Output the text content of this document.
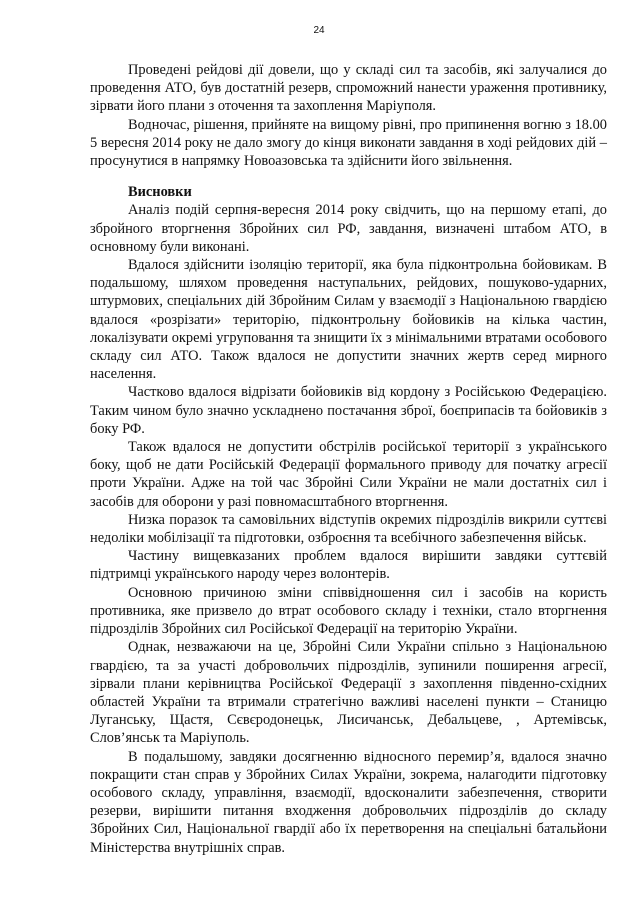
24

Проведені рейдові дії довели, що у складі сил та засобів, які залучалися до проведення АТО, був достатній резерв, спроможний нанести ураження противнику, зірвати його плани з оточення та захоплення Маріуполя.

Водночас, рішення, прийняте на вищому рівні, про припинення вогню з 18.00 5 вересня 2014 року не дало змогу до кінця виконати завдання в ході рейдових дій – просунутися в напрямку Новоазовська та здійснити його звільнення.

Висновки

Аналіз подій серпня-вересня 2014 року свідчить, що на першому етапі, до збройного вторгнення Збройних сил РФ, завдання, визначені штабом АТО, в основному були виконані.

Вдалося здійснити ізоляцію території, яка була підконтрольна бойовикам. В подальшому, шляхом проведення наступальних, рейдових, пошуково-ударних, штурмових, спеціальних дій Збройним Силам у взаємодії з Національною гвардією вдалося «розрізати» територію, підконтрольну бойовиків на кілька частин, локалізувати окремі угруповання та знищити їх з мінімальними втратами особового складу сил АТО. Також вдалося не допустити значних жертв серед мирного населення.

Частково вдалося відрізати бойовиків від кордону з Російською Федерацією. Таким чином було значно ускладнено постачання зброї, боєприпасів та бойовиків з боку РФ.

Також вдалося не допустити обстрілів російської території з українського боку, щоб не дати Російській Федерації формального приводу для початку агресії проти України. Адже на той час Збройні Сили України не мали достатніх сил і засобів для оборони у разі повномасштабного вторгнення.

Низка поразок та самовільних відступів окремих підрозділів викрили суттєві недоліки мобілізації та підготовки, озброєння та всебічного забезпечення військ.

Частину вищевказаних проблем вдалося вирішити завдяки суттєвій підтримці українського народу через волонтерів.

Основною причиною зміни співвідношення сил і засобів на користь противника, яке призвело до втрат особового складу і техніки, стало вторгнення підрозділів Збройних сил Російської Федерації на територію України.

Однак, незважаючи на це, Збройні Сили України спільно з Національною гвардією, та за участі добровольчих підрозділів, зупинили поширення агресії, зірвали плани керівництва Російської Федерації з захоплення південно-східних областей України та втримали стратегічно важливі населені пункти – Станицю Луганську, Щастя, Сєвєродонецьк, Лисичанськ, Дебальцеве, , Артемівськ, Слов’янськ та Маріуполь.

В подальшому, завдяки досягненню відносного перемир’я, вдалося значно покращити стан справ у Збройних Силах України, зокрема, налагодити підготовку особового складу, управління, взаємодії, вдосконалити забезпечення, створити резерви, вирішити питання входження добровольчих підрозділів до складу Збройних Сил, Національної гвардії або їх перетворення на спеціальні батальйони Міністерства внутрішніх справ.
